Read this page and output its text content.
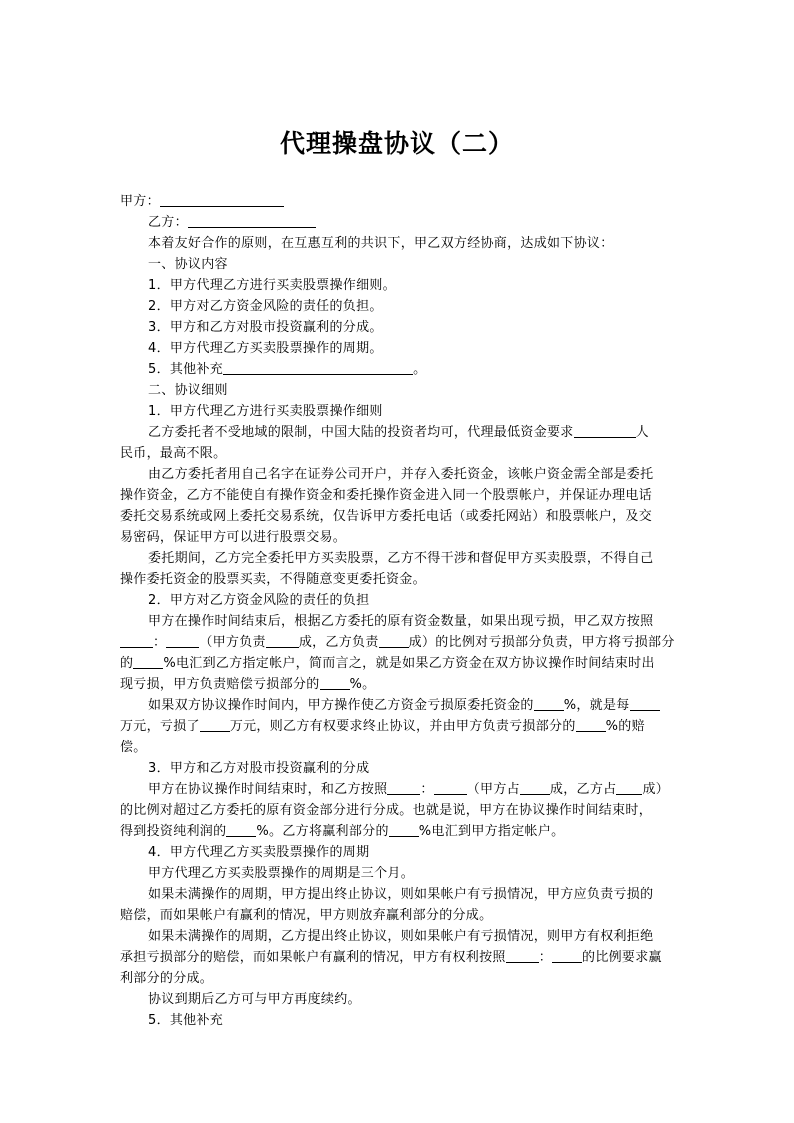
代理操盘协议（二）
甲方：
乙方：
本着友好合作的原则，在互惠互利的共识下，甲乙双方经协商，达成如下协议：
一、协议内容
1．甲方代理乙方进行买卖股票操作细则。
2．甲方对乙方资金风险的责任的负担。
3．甲方和乙方对股市投资赢利的分成。
4．甲方代理乙方买卖股票操作的周期。
5．其他补充	。
二、协议细则
1．甲方代理乙方进行买卖股票操作细则
乙方委托者不受地域的限制，中国大陆的投资者均可，代理最低资金要求	人
民币，最高不限。
由乙方委托者用自己名字在证券公司开户，并存入委托资金，该帐户资金需全部是委托
操作资金，乙方不能使自有操作资金和委托操作资金进入同一个股票帐户，并保证办理电话
委托交易系统或网上委托交易系统，仅告诉甲方委托电话（或委托网站）和股票帐户，及交
易密码，保证甲方可以进行股票交易。
委托期间，乙方完全委托甲方买卖股票，乙方不得干涉和督促甲方买卖股票，不得自己
操作委托资金的股票买卖，不得随意变更委托资金。
2．甲方对乙方资金风险的责任的负担
甲方在操作时间结束后，根据乙方委托的原有资金数量，如果出现亏损，甲乙双方按照
：	（甲方负责	成，乙方负责 成）的比例对亏损部分负责，甲方将亏损部分
的 %电汇到乙方指定帐户，简而言之，就是如果乙方资金在双方协议操作时间结束时出
现亏损，甲方负责赔偿亏损部分的 %。
如果双方协议操作时间内，甲方操作使乙方资金亏损原委托资金的 %，就是每
万元，亏损了 万元，则乙方有权要求终止协议，并由甲方负责亏损部分的 %的赔
偿。
3．甲方和乙方对股市投资赢利的分成
甲方在协议操作时间结束时，和乙方按照	：	（甲方占 成，乙方占 成）
的比例对超过乙方委托的原有资金部分进行分成。也就是说，甲方在协议操作时间结束时，
得到投资纯利润的 %。乙方将赢利部分的 %电汇到甲方指定帐户。
4．甲方代理乙方买卖股票操作的周期
甲方代理乙方买卖股票操作的周期是三个月。
如果未满操作的周期，甲方提出终止协议，则如果帐户有亏损情况，甲方应负责亏损的
赔偿，而如果帐户有赢利的情况，甲方则放弃赢利部分的分成。
如果未满操作的周期，乙方提出终止协议，则如果帐户有亏损情况，则甲方有权利拒绝
承担亏损部分的赔偿，而如果帐户有赢利的情况，甲方有权利按照	： 的比例要求赢
利部分的分成。
协议到期后乙方可与甲方再度续约。
5．其他补充
